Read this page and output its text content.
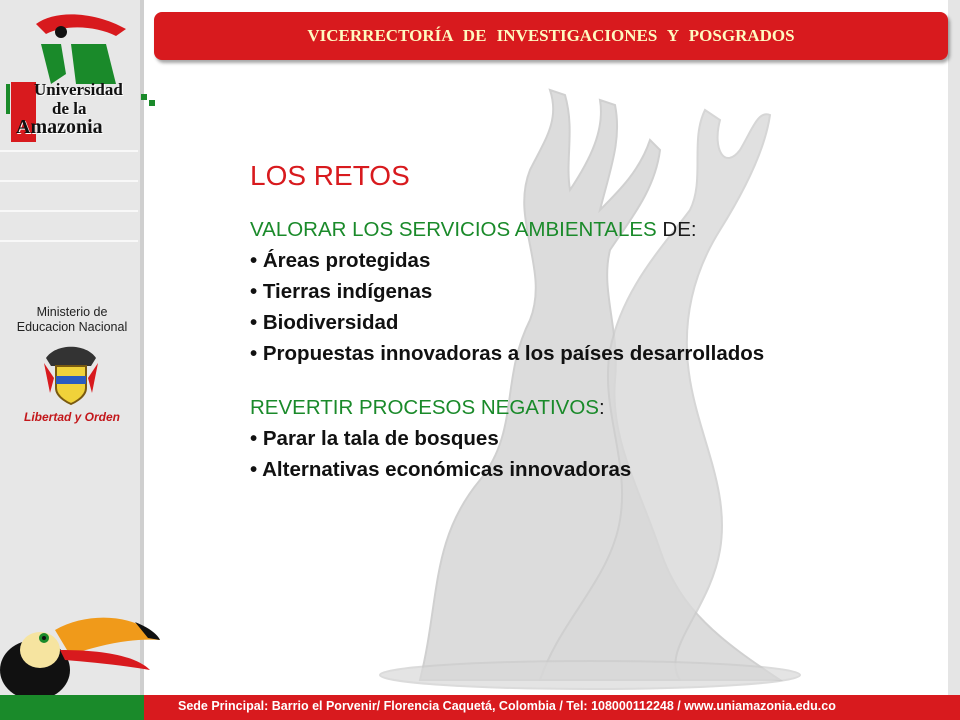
Universidad
de la
Amazonia
Ministerio de
Educacion Nacional
Libertad y Orden
VICERRECTORÍA DE INVESTIGACIONES Y POSGRADOS
LOS RETOS
VALORAR LOS SERVICIOS AMBIENTALES DE:
• Áreas protegidas
• Tierras indígenas
• Biodiversidad
• Propuestas innovadoras a los países desarrollados
REVERTIR PROCESOS NEGATIVOS:
• Parar la tala de bosques
• Alternativas económicas innovadoras
Sede Principal: Barrio el Porvenir/ Florencia Caquetá, Colombia / Tel: 108000112248 / www.uniamazonia.edu.co
